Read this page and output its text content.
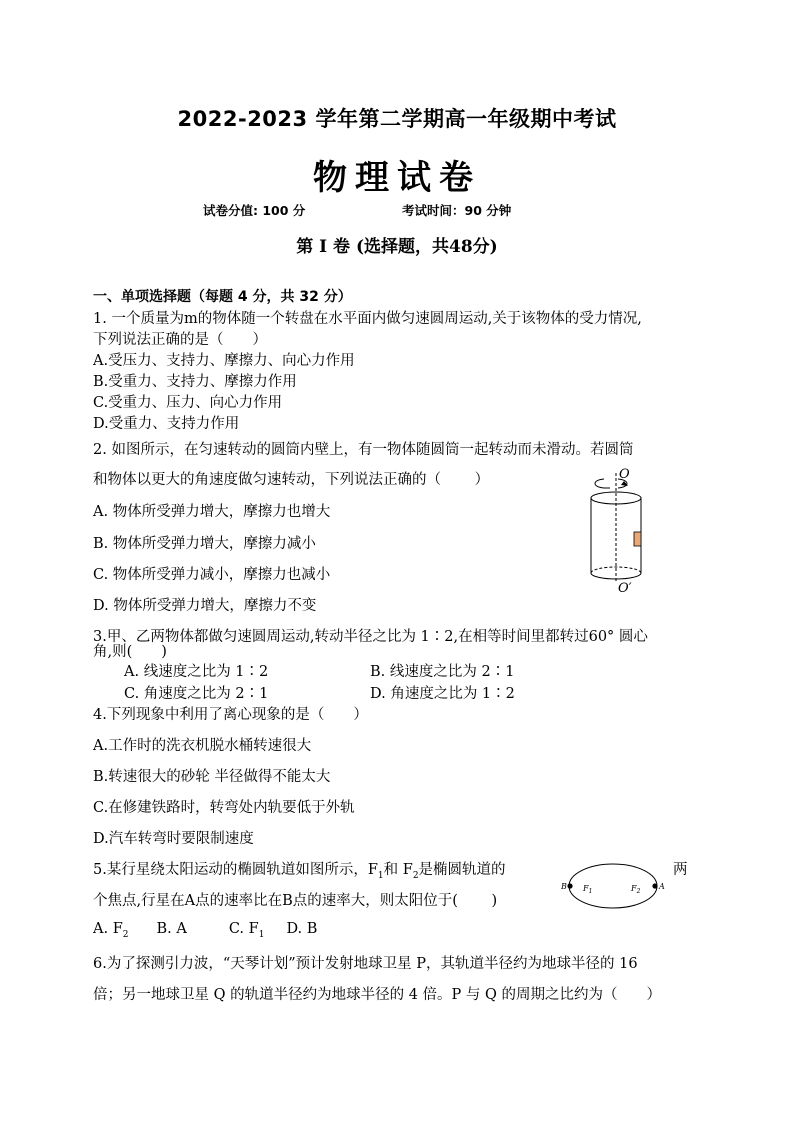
2022-2023 学年第二学期高一年级期中考试
物理试卷
试卷分值: 100 分	考试时间：90 分钟
第 I 卷 (选择题，共48分)
一、单项选择题（每题 4 分，共 32 分）
1. 一个质量为m的物体随一个转盘在水平面内做匀速圆周运动,关于该物体的受力情况,
下列说法正确的是（　　）
A.受压力、支持力、摩擦力、向心力作用
B.受重力、支持力、摩擦力作用
C.受重力、压力、向心力作用
D.受重力、支持力作用
2. 如图所示，在匀速转动的圆筒内壁上，有一物体随圆筒一起转动而未滑动。若圆筒
和物体以更大的角速度做匀速转动，下列说法正确的（　　 ）
A. 物体所受弹力增大，摩擦力也增大
B. 物体所受弹力增大，摩擦力减小
C. 物体所受弹力减小，摩擦力也减小
D. 物体所受弹力增大，摩擦力不变
O
O′
3.甲、乙两物体都做匀速圆周运动,转动半径之比为 1∶2,在相等时间里都转过60° 圆心
角,则(　　)
A. 线速度之比为 1∶2	B. 线速度之比为 2∶1
C. 角速度之比为 2∶1	D. 角速度之比为 1∶2
4.下列现象中利用了离心现象的是（　　）
A.工作时的洗衣机脱水桶转速很大
B.转速很大的砂轮 半径做得不能太大
C.在修建铁路时，转弯处内轨要低于外轨
D.汽车转弯时要限制速度
5.某行星绕太阳运动的椭圆轨道如图所示，$F_1$和 $F_2$是椭圆轨道的	两
个焦点,行星在A点的速率比在B点的速率大，则太阳位于(　　 )
A. $F_2$ B. A	C. $F_1$ D. B
B	A
$F_1$	$F_2$
6.为了探测引力波，“天琴计划”预计发射地球卫星 P，其轨道半径约为地球半径的 16
倍；另一地球卫星 Q 的轨道半径约为地球半径的 4 倍。P 与 Q 的周期之比约为（　　）
